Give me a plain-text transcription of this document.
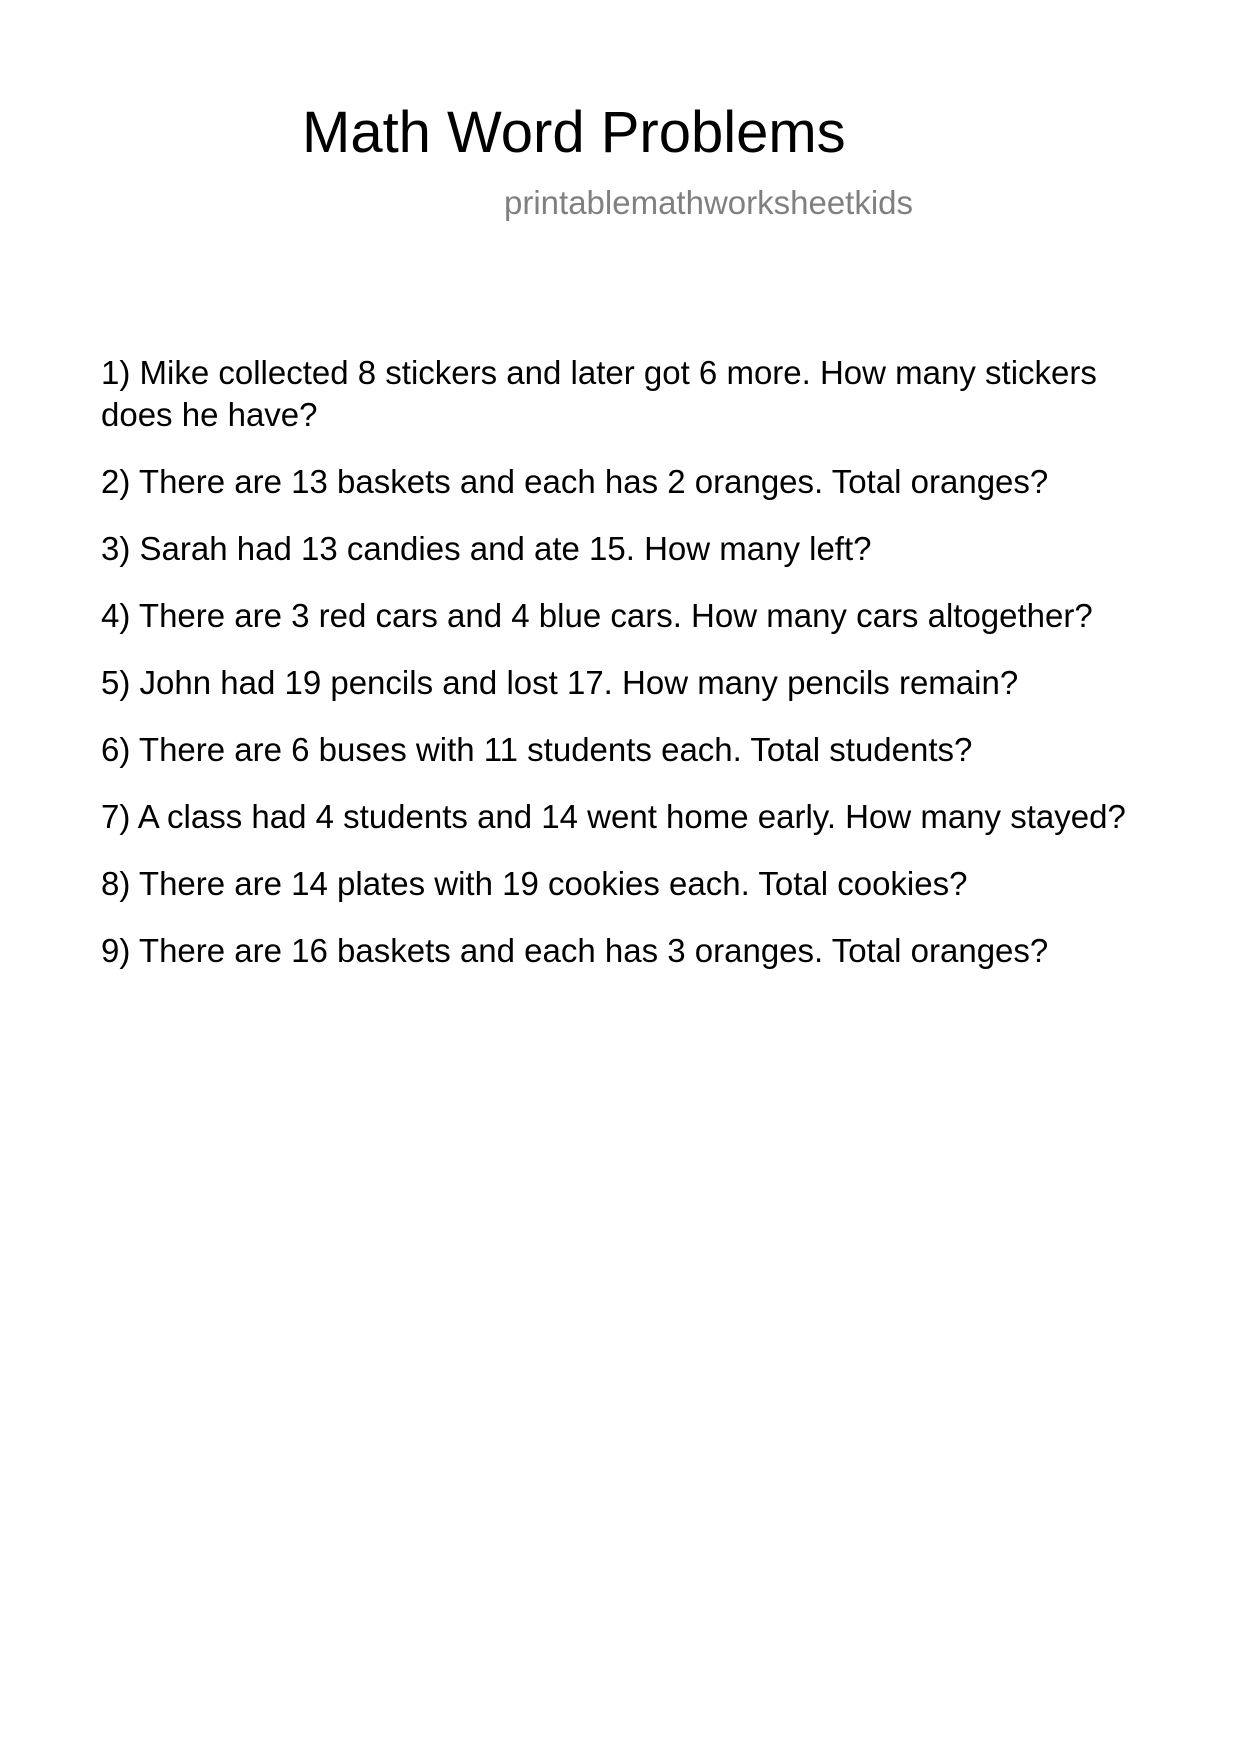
Math Word Problems
printablemathworksheetkids
1) Mike collected 8 stickers and later got 6 more. How many stickers does he have?
2) There are 13 baskets and each has 2 oranges. Total oranges?
3) Sarah had 13 candies and ate 15. How many left?
4) There are 3 red cars and 4 blue cars. How many cars altogether?
5) John had 19 pencils and lost 17. How many pencils remain?
6) There are 6 buses with 11 students each. Total students?
7) A class had 4 students and 14 went home early. How many stayed?
8) There are 14 plates with 19 cookies each. Total cookies?
9) There are 16 baskets and each has 3 oranges. Total oranges?
